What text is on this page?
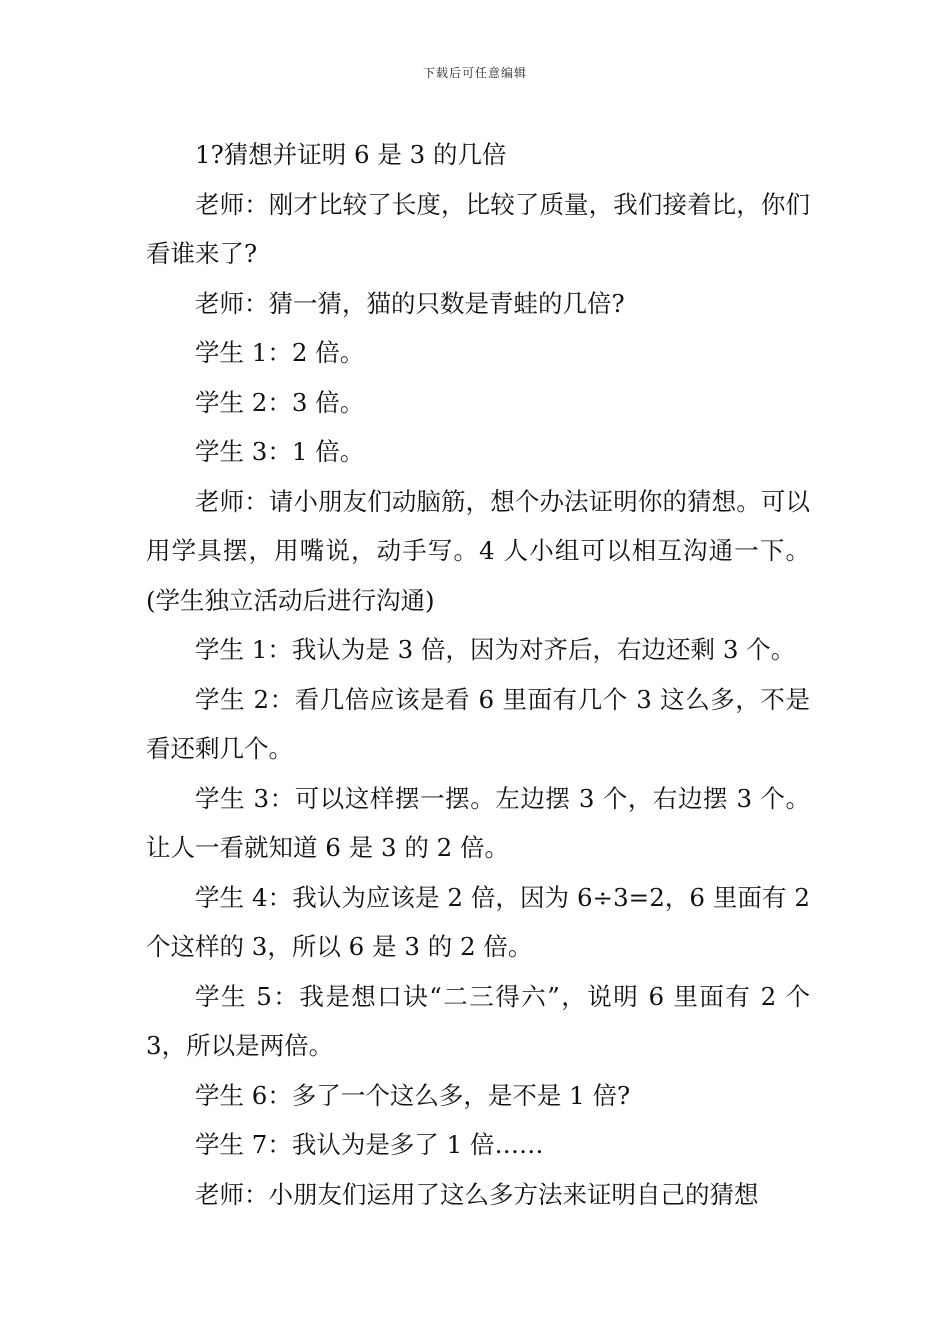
下载后可任意编辑

1?猜想并证明 6 是 3 的几倍

老师：刚才比较了长度，比较了质量，我们接着比，你们看谁来了?

老师：猜一猜，猫的只数是青蛙的几倍?

学生 1：2 倍。

学生 2：3 倍。

学生 3：1 倍。

老师：请小朋友们动脑筋，想个办法证明你的猜想。可以用学具摆，用嘴说，动手写。4 人小组可以相互沟通一下。(学生独立活动后进行沟通)

学生 1：我认为是 3 倍，因为对齐后，右边还剩 3 个。

学生 2：看几倍应该是看 6 里面有几个 3 这么多，不是看还剩几个。

学生 3：可以这样摆一摆。左边摆 3 个，右边摆 3 个。让人一看就知道 6 是 3 的 2 倍。

学生 4：我认为应该是 2 倍，因为 6÷3=2，6 里面有 2 个这样的 3，所以 6 是 3 的 2 倍。

学生 5：我是想口诀“二三得六”，说明 6 里面有 2 个 3，所以是两倍。

学生 6：多了一个这么多，是不是 1 倍?

学生 7：我认为是多了 1 倍……

老师：小朋友们运用了这么多方法来证明自己的猜想
